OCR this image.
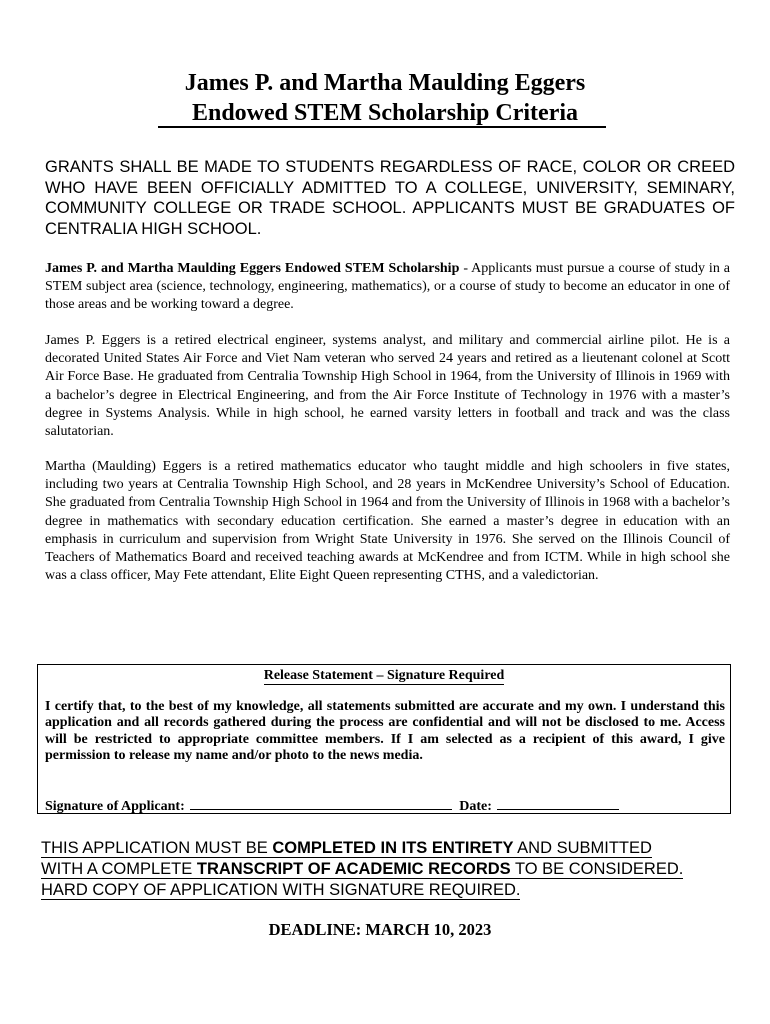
James P. and Martha Maulding Eggers
Endowed STEM Scholarship Criteria
GRANTS SHALL BE MADE TO STUDENTS REGARDLESS OF RACE, COLOR OR CREED WHO HAVE BEEN OFFICIALLY ADMITTED TO A COLLEGE, UNIVERSITY, SEMINARY, COMMUNITY COLLEGE OR TRADE SCHOOL. APPLICANTS MUST BE GRADUATES OF CENTRALIA HIGH SCHOOL.
James P. and Martha Maulding Eggers Endowed STEM Scholarship - Applicants must pursue a course of study in a STEM subject area (science, technology, engineering, mathematics), or a course of study to become an educator in one of those areas and be working toward a degree.
James P. Eggers is a retired electrical engineer, systems analyst, and military and commercial airline pilot. He is a decorated United States Air Force and Viet Nam veteran who served 24 years and retired as a lieutenant colonel at Scott Air Force Base. He graduated from Centralia Township High School in 1964, from the University of Illinois in 1969 with a bachelor’s degree in Electrical Engineering, and from the Air Force Institute of Technology in 1976 with a master’s degree in Systems Analysis. While in high school, he earned varsity letters in football and track and was the class salutatorian.
Martha (Maulding) Eggers is a retired mathematics educator who taught middle and high schoolers in five states, including two years at Centralia Township High School, and 28 years in McKendree University’s School of Education. She graduated from Centralia Township High School in 1964 and from the University of Illinois in 1968 with a bachelor’s degree in mathematics with secondary education certification. She earned a master’s degree in education with an emphasis in curriculum and supervision from Wright State University in 1976. She served on the Illinois Council of Teachers of Mathematics Board and received teaching awards at McKendree and from ICTM. While in high school she was a class officer, May Fete attendant, Elite Eight Queen representing CTHS, and a valedictorian.
Release Statement – Signature Required
I certify that, to the best of my knowledge, all statements submitted are accurate and my own. I understand this application and all records gathered during the process are confidential and will not be disclosed to me. Access will be restricted to appropriate committee members. If I am selected as a recipient of this award, I give permission to release my name and/or photo to the news media.
Signature of Applicant:	Date:
THIS APPLICATION MUST BE COMPLETED IN ITS ENTIRETY AND SUBMITTED
WITH A COMPLETE TRANSCRIPT OF ACADEMIC RECORDS TO BE CONSIDERED.
HARD COPY OF APPLICATION WITH SIGNATURE REQUIRED.
DEADLINE: MARCH 10, 2023
